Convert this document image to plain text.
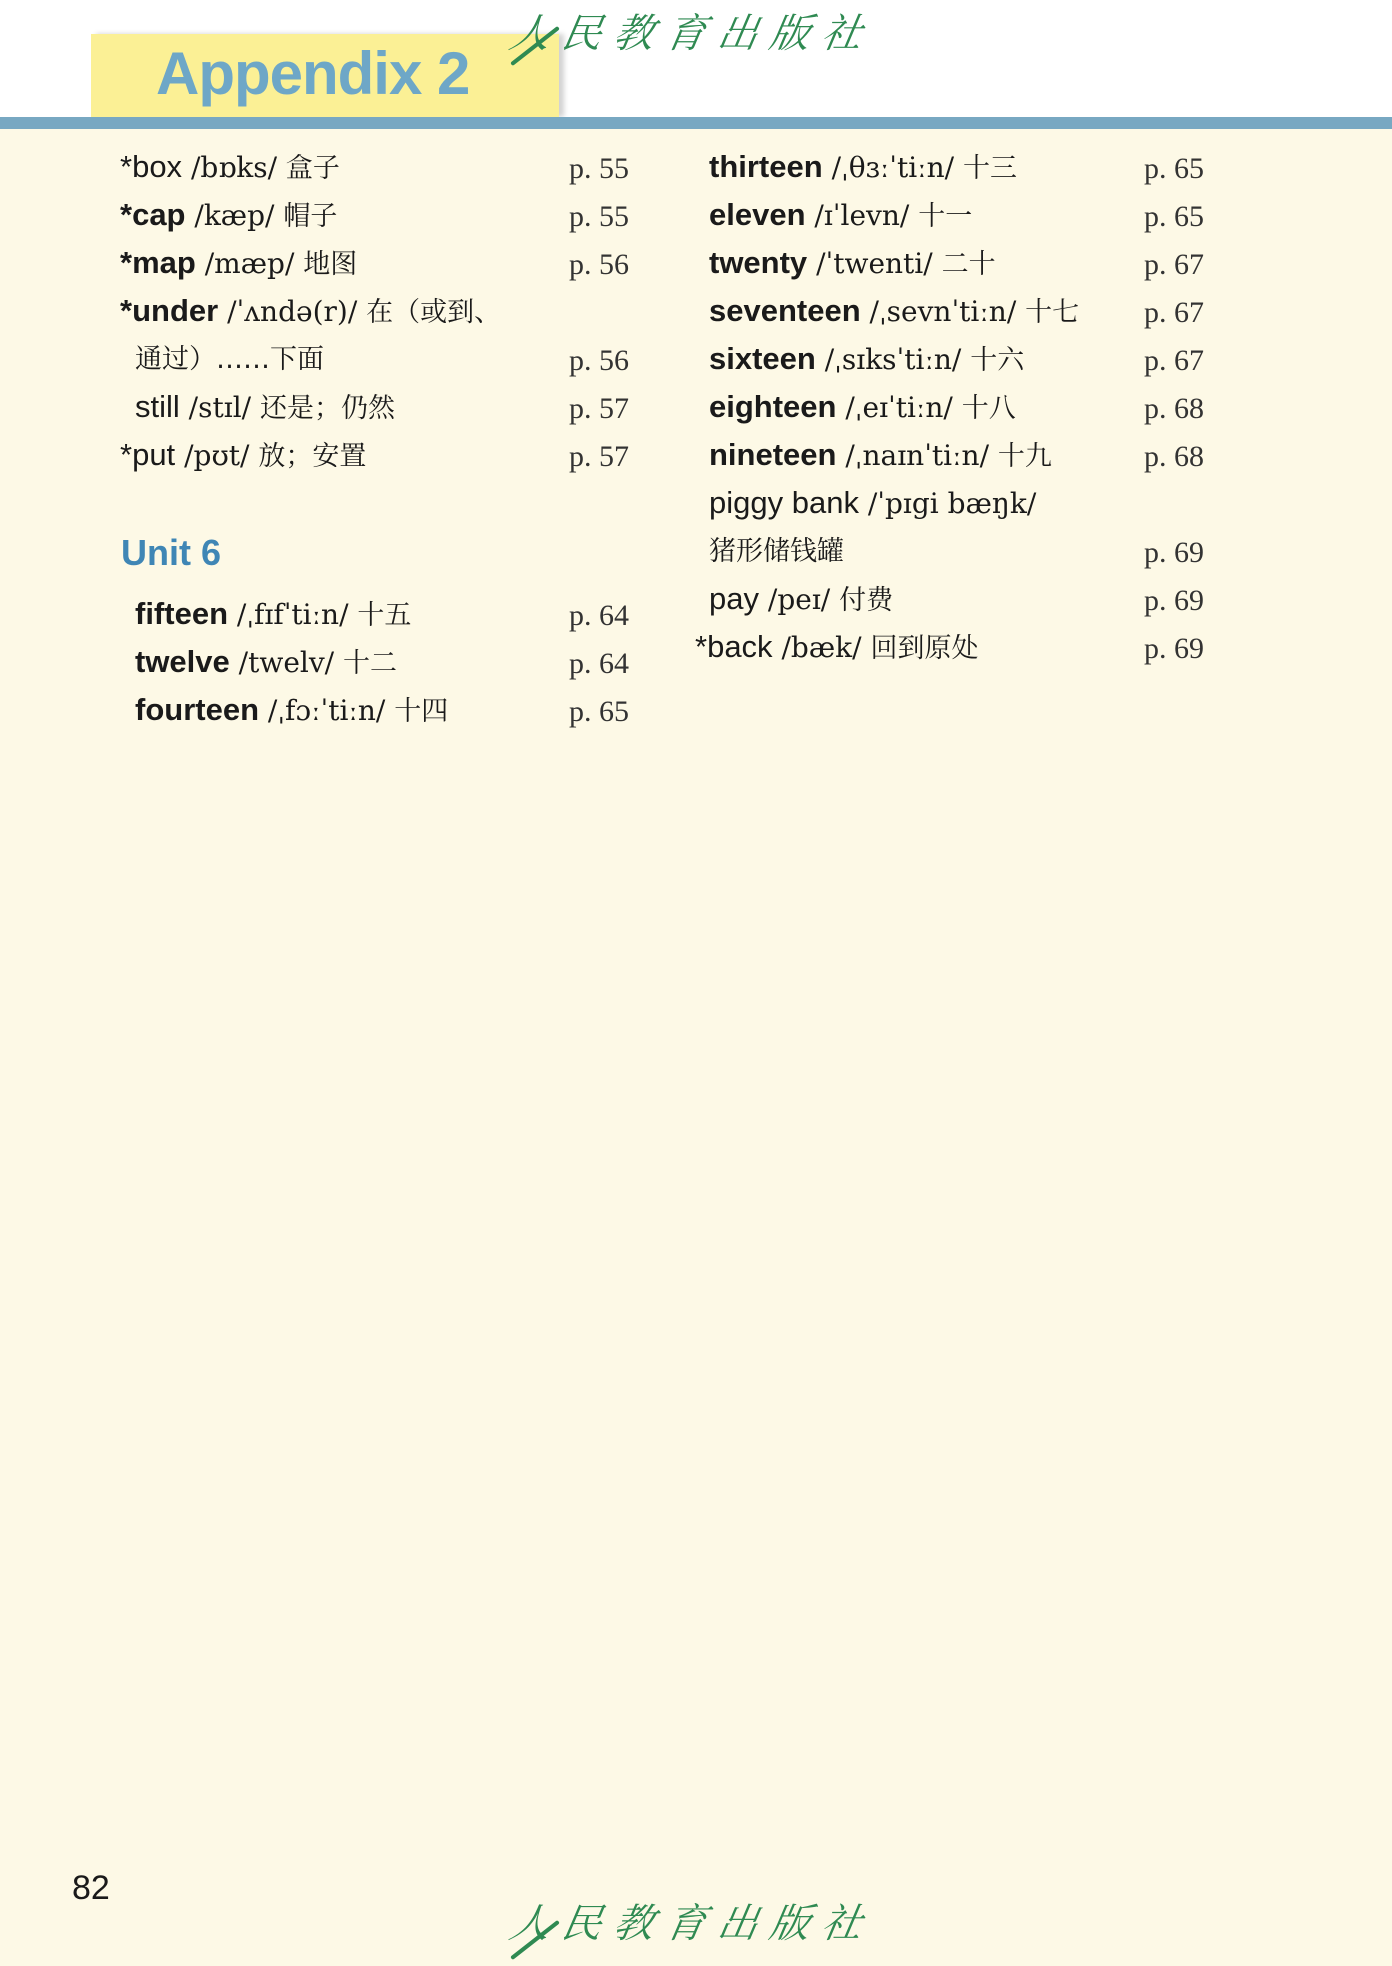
Appendix 2
人民教育出版社
*box /bɒks/ 盒子	p. 55
*cap /kæp/ 帽子	p. 55
*map /mæp/ 地图	p. 56
*under /ˈʌndə(r)/ 在（或到、
通过）……下面	p. 56
still /stɪl/ 还是；仍然	p. 57
*put /pʊt/ 放；安置	p. 57
Unit 6
fifteen /ˌfɪfˈtiːn/ 十五	p. 64
twelve /twelv/ 十二	p. 64
fourteen /ˌfɔːˈtiːn/ 十四	p. 65
thirteen /ˌθɜːˈtiːn/ 十三	p. 65
eleven /ɪˈlevn/ 十一	p. 65
twenty /ˈtwenti/ 二十	p. 67
seventeen /ˌsevnˈtiːn/ 十七 p. 67
sixteen /ˌsɪksˈtiːn/ 十六	p. 67
eighteen /ˌeɪˈtiːn/ 十八	p. 68
nineteen /ˌnaɪnˈtiːn/ 十九	p. 68
piggy bank /ˈpɪgi bæŋk/
猪形储钱罐	p. 69
pay /peɪ/ 付费	p. 69
*back /bæk/ 回到原处	p. 69
82
人民教育出版社
